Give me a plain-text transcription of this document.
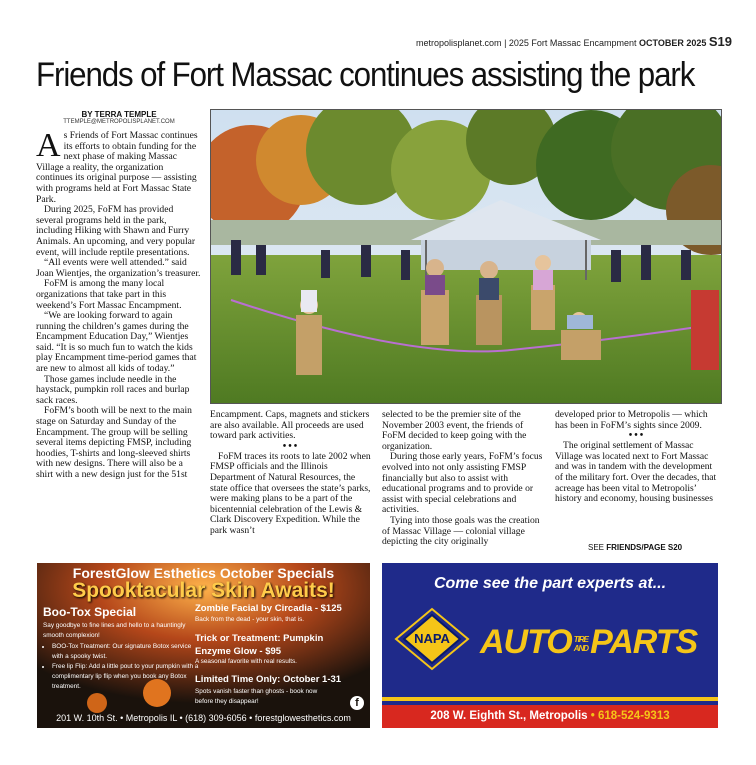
metropolisplanet.com | 2025 Fort Massac Encampment OCTOBER 2025 S19
Friends of Fort Massac continues assisting the park
BY TERRA TEMPLE
TTEMPLE@METROPOLISPLANET.COM

As Friends of Fort Massac continues its efforts to obtain funding for the next phase of making Massac Village a reality, the organization continues its original purpose — assisting with programs held at Fort Massac State Park.

During 2025, FoFM has provided several programs held in the park, including Hiking with Shawn and Furry Animals. An upcoming, and very popular event, will include reptile presentations.

“All events were well attended.” said Joan Wientjes, the organization’s treasurer.

FoFM is among the many local organizations that take part in this weekend’s Fort Massac Encampment.

“We are looking forward to again running the children’s games during the Encampment Education Day,” Wientjes said. “It is so much fun to watch the kids play Encampment time-period games that are new to almost all kids of today.”

Those games include needle in the haystack, pumpkin roll races and burlap sack races.

FoFM’s booth will be next to the main stage on Saturday and Sunday of the Encampment. The group will be selling several items depicting FMSP, including hoodies, T-shirts and long-sleeved shirts with new designs. There will also be a shirt with a new design just for the 51st

Encampment. Caps, magnets and stickers are also available. All proceeds are used toward park activities.

•••

FoFM traces its roots to late 2002 when FMSP officials and the Illinois Department of Natural Resources, the state office that oversees the state’s parks, were making plans to be a part of the bicentennial celebration of the Lewis & Clark Discovery Expedition. While the park wasn’t

selected to be the premier site of the November 2003 event, the friends of FoFM decided to keep going with the organization.

During those early years, FoFM’s focus evolved into not only assisting FMSP financially but also to assist with educational programs and to provide or assist with special celebrations and activities.

Tying into those goals was the creation of Massac Village — colonial village depicting the city originally

developed prior to Metropolis — which has been in FoFM’s sights since 2009.

•••

The original settlement of Massac Village was located next to Fort Massac and was in tandem with the development of the military fort. Over the decades, that acreage has been vital to Metropolis’ history and economy, housing businesses

SEE FRIENDS/PAGE S20
ForestGlow Esthetics October Specials
Spooktacular Skin Awaits!
Boo-Tox Special
Say goodbye to fine lines and hello to a hauntingly smooth complexion!
• BOO-Tox Treatment: Our signature Botox service with a spooky twist.
• Free lip Flip: Add a little pout to your pumpkin with a complimentary lip flip when you book any Botox treatment.
Zombie Facial by Circadia - $125
Back from the dead - your skin, that is.
Trick or Treatment: Pumpkin
Enzyme Glow - $95
A seasonal favorite with real results.
Limited Time Only: October 1-31
Spots vanish faster than ghosts - book now
before they disappear!	f
201 W. 10th St. • Metropolis IL • (618) 309-6056 • forestglowesthetics.com
Come see the part experts at...
NAPA AUTO TIRE
ANDPARTS
208 W. Eighth St., Metropolis • 618-524-9313
